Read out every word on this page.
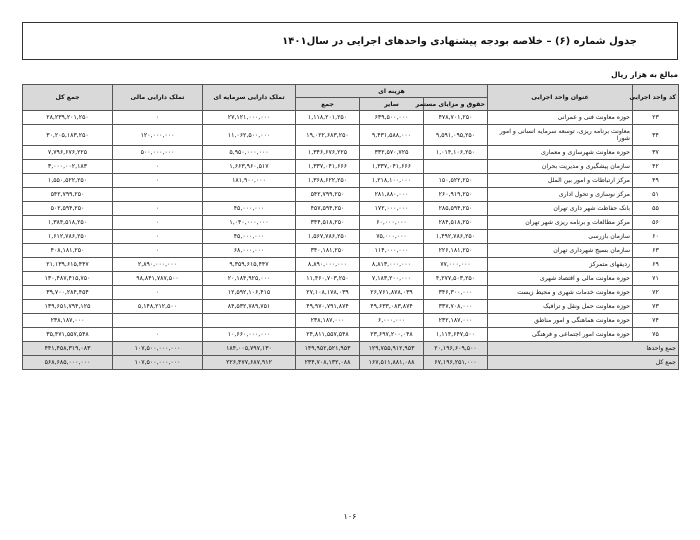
جدول شماره (۶) – خلاصه بودجه پیشنهادی واحدهای اجرایی در سال۱۴۰۱
مبالغ به هزار ریال
کد واحد اجرایی	عنوان واحد اجرایی	هزینه ای			تملک دارایی سرمایه ای	تملک دارایی مالی	جمع کل
		حقوق و مزایای مستمر	سایر	جمع			
۲۳	حوزه معاونت فنی و عمرانی	۴۷۸,۷۰۱,۲۵۰	۶۳۹,۵۰۰,۰۰۰	۱,۱۱۸,۲۰۱,۲۵۰	۲۷,۱۲۱,۰۰۰,۰۰۰	۰	۲۸,۲۳۹,۲۰۱,۲۵۰
۳۴	معاونت برنامه ریزی، توسعه سرمایه انسانی و امور شورا	۹,۵۹۱,۰۹۵,۲۵۰	۹,۴۳۱,۵۸۸,۰۰۰	۱۹,۰۲۲,۶۸۳,۲۵۰	۱۱,۰۶۲,۵۰۰,۰۰۰	۱۲۰,۰۰۰,۰۰۰	۳۰,۲۰۵,۱۸۳,۲۵۰
۳۷	حوزه معاونت شهرسازی و معماری	۱,۰۱۴,۱۰۶,۲۵۰	۳۳۲,۵۷۰,۷۲۵	۱,۳۴۶,۶۷۶,۲۲۵	۵,۹۵۰,۰۰۰,۰۰۰	۵۰۰,۰۰۰,۰۰۰	۷,۷۹۶,۶۷۶,۲۲۵
۴۲	سازمان پیشگیری و مدیریت بحران		۱,۳۳۷,۰۴۱,۶۶۶	۱,۳۳۷,۰۴۱,۶۶۶	۱,۶۶۳,۹۶۰,۵۱۷	۰	۳,۰۰۰,۰۰۲,۱۸۳
۴۹	مرکز ارتباطات و امور بین الملل	۱۵۰,۵۲۲,۲۵۰	۱,۲۱۸,۱۰۰,۰۰۰	۱,۳۶۸,۶۲۲,۲۵۰	۱۸۱,۹۰۰,۰۰۰	۰	۱,۵۵۰,۵۲۲,۲۵۰
۵۱	مرکز نوسازی و تحول اداری	۲۶۰,۹۱۹,۲۵۰	۲۸۱,۸۸۰,۰۰۰	۵۴۲,۷۹۹,۲۵۰			۵۴۲,۷۹۹,۲۵۰
۵۵	بانک حفاظت شهر داری تهران	۲۸۵,۵۹۴,۲۵۰	۱۷۲,۰۰۰,۰۰۰	۴۵۷,۵۹۴,۲۵۰	۴۵,۰۰۰,۰۰۰	۰	۵۰۲,۵۹۴,۲۵۰
۵۶	مرکز مطالعات و برنامه ریزی شهر تهران	۲۸۴,۵۱۸,۲۵۰	۶۰,۰۰۰,۰۰۰	۳۴۴,۵۱۸,۲۵۰	۱,۰۴۰,۰۰۰,۰۰۰	۰	۱,۳۸۴,۵۱۸,۲۵۰
۶۰	سازمان بازرسی	۱,۴۹۲,۷۸۶,۲۵۰	۷۵,۰۰۰,۰۰۰	۱,۵۶۷,۷۸۶,۲۵۰	۴۵,۰۰۰,۰۰۰	۰	۱,۶۱۲,۷۸۶,۲۵۰
۶۳	سازمان بسیج شهرداری تهران	۲۲۶,۱۸۱,۲۵۰	۱۱۴,۰۰۰,۰۰۰	۳۴۰,۱۸۱,۲۵۰	۶۸,۰۰۰,۰۰۰	۰	۴۰۸,۱۸۱,۲۵۰
۶۹	ردیفهای متمرکز	۷۷,۰۰۰,۰۰۰	۸,۸۱۳,۰۰۰,۰۰۰	۸,۸۹۰,۰۰۰,۰۰۰	۹,۳۵۹,۶۱۵,۴۴۷	۲,۸۹۰,۰۰۰,۰۰۰	۲۱,۱۳۹,۶۱۵,۴۴۷
۷۱	حوزه معاونت مالی و اقتصاد شهری	۴,۲۷۷,۵۰۳,۲۵۰	۷,۱۸۳,۲۰۰,۰۰۰	۱۱,۴۶۰,۷۰۳,۲۵۰	۲۰,۱۸۴,۹۲۵,۰۰۰	۹۸,۸۴۱,۷۸۷,۵۰۰	۱۳۰,۴۸۷,۴۱۵,۷۵۰
۷۲	حوزه معاونت خدمات شهری و محیط زیست	۳۴۶,۳۰۰,۰۰۰	۲۶,۷۶۱,۸۷۸,۰۳۹	۲۷,۱۰۸,۱۷۸,۰۳۹	۱۲,۵۹۲,۱۰۶,۴۱۵	۰	۳۹,۷۰۰,۲۸۴,۴۵۴
۷۳	حوزه معاونت حمل ونقل و ترافیک	۳۳۷,۷۰۸,۰۰۰	۴۹,۶۳۳,۰۸۳,۸۷۴	۴۹,۹۷۰,۷۹۱,۸۷۴	۸۴,۵۳۲,۷۸۹,۷۵۱	۵,۱۴۸,۲۱۲,۵۰۰	۱۳۹,۶۵۱,۷۹۴,۱۲۵
۷۴	حوزه معاونت هماهنگی و امور مناطق	۲۳۲,۱۸۷,۰۰۰	۶,۰۰۰,۰۰۰	۲۳۸,۱۸۷,۰۰۰			۲۳۸,۱۸۷,۰۰۰
۷۵	حوزه معاونت امور اجتماعی و فرهنگی	۱,۱۱۴,۶۴۷,۵۰۰	۲۳,۶۹۷,۲۰۰,۰۴۸	۲۴,۸۱۱,۵۵۷,۵۴۸	۱۰,۶۶۰,۰۰۰,۰۰۰	۰	۳۵,۴۷۱,۵۵۷,۵۴۸
جمع واحدها		۲۰,۱۹۶,۶۰۹,۵۰۰	۱۲۹,۷۵۵,۹۱۲,۹۵۳	۱۴۹,۹۵۲,۵۲۱,۹۵۳	۱۸۴,۰۰۵,۷۹۷,۱۳۰	۱۰۷,۵۰۰,۰۰۰,۰۰۰	۴۴۱,۴۵۸,۳۱۹,۰۸۳
جمع کل		۶۷,۱۹۶,۲۵۱,۰۰۰	۱۶۷,۵۱۱,۸۸۱,۰۸۸	۲۳۴,۷۰۸,۱۳۲,۰۸۸	۲۲۶,۴۷۷,۶۸۷,۹۱۲	۱۰۷,۵۰۰,۰۰۰,۰۰۰	۵۶۸,۶۸۵,۰۰۰,۰۰۰
۱۰۶
